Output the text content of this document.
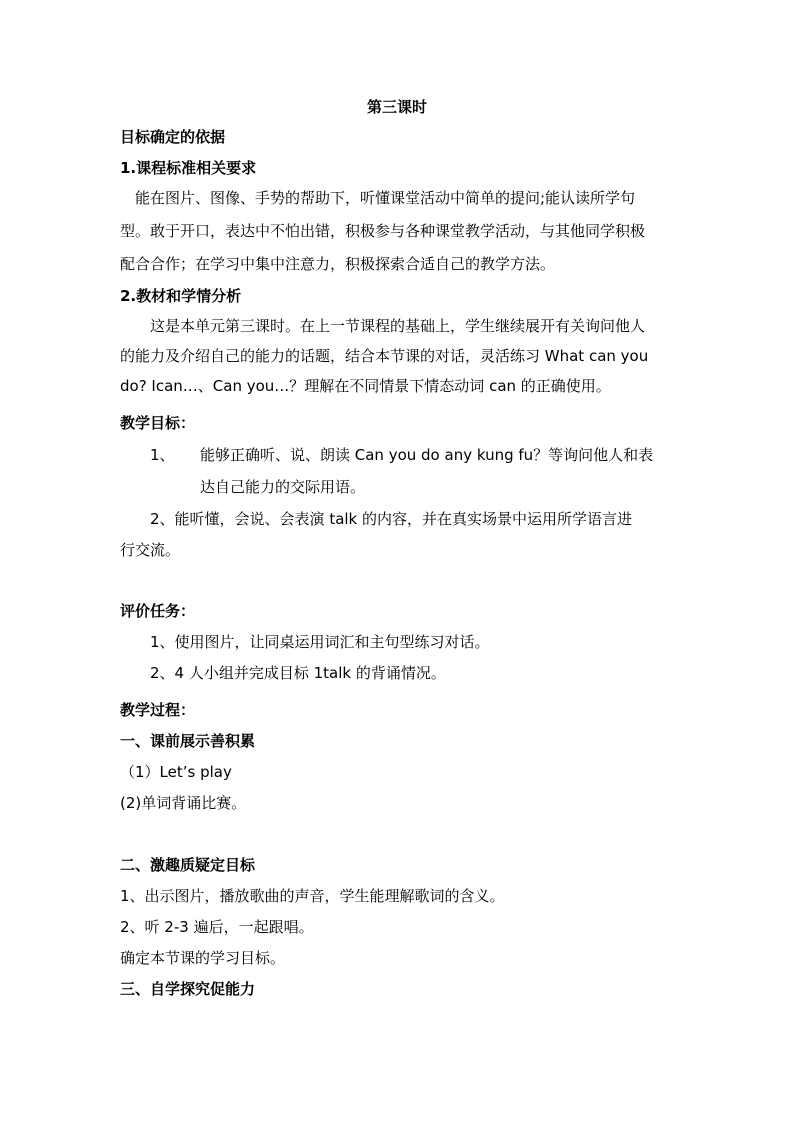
第三课时
目标确定的依据
1.课程标准相关要求
能在图片、图像、手势的帮助下，听懂课堂活动中简单的提问;能认读所学句
型。敢于开口，表达中不怕出错，积极参与各种课堂教学活动，与其他同学积极
配合合作；在学习中集中注意力，积极探索合适自己的教学方法。
2.教材和学情分析
这是本单元第三课时。在上一节课程的基础上，学生继续展开有关询问他人
的能力及介绍自己的能力的话题，结合本节课的对话，灵活练习 What can you
do? Ican…、Can you…？理解在不同情景下情态动词 can 的正确使用。
教学目标：
1、 能够正确听、说、朗读 Can you do any kung fu？等询问他人和表
达自己能力的交际用语。
2、能听懂，会说、会表演 talk 的内容，并在真实场景中运用所学语言进
行交流。
评价任务：
1、使用图片，让同桌运用词汇和主句型练习对话。
2、4 人小组并完成目标 1talk 的背诵情况。
教学过程：
一、课前展示善积累
（1）Let’s play
(2)单词背诵比赛。
二、激趣质疑定目标
1、出示图片，播放歌曲的声音，学生能理解歌词的含义。
2、听 2-3 遍后，一起跟唱。
确定本节课的学习目标。
三、自学探究促能力
